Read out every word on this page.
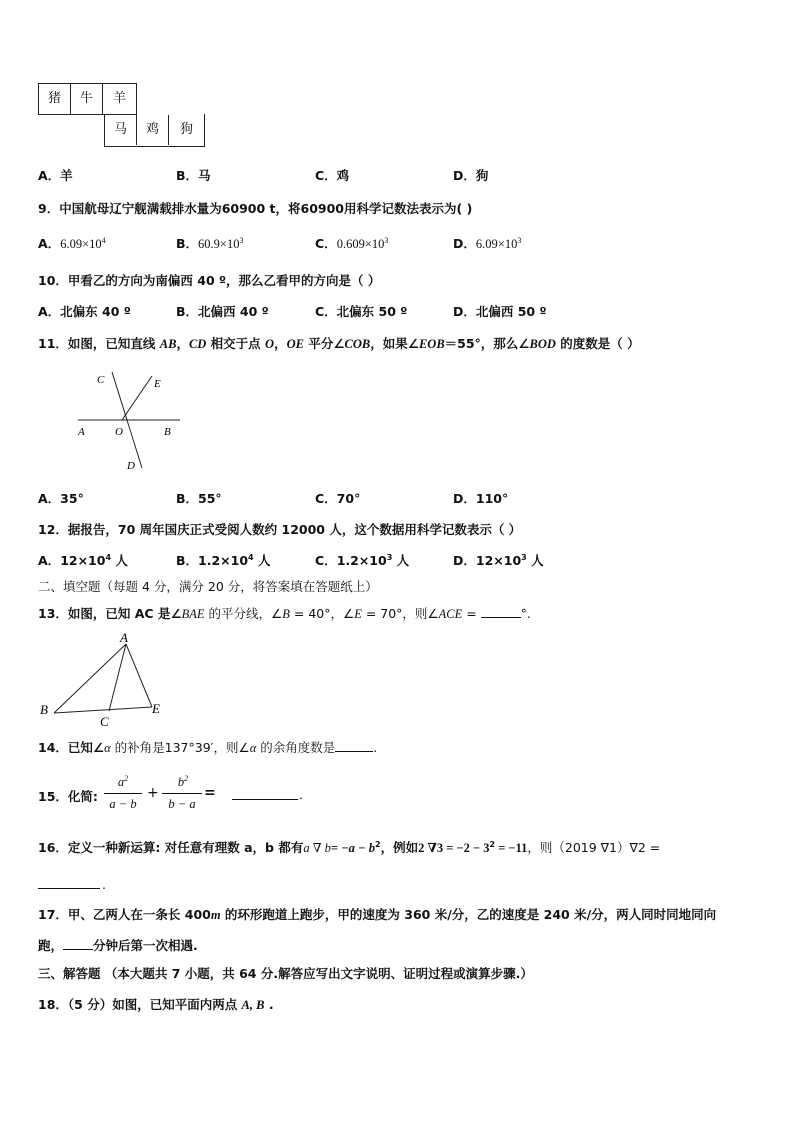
猪	牛	羊
马	鸡	狗
A．羊	B．马	C．鸡	D．狗
9．中国航母辽宁舰满载排水量为60900 t，将60900用科学记数法表示为( )
A．$6.09\times 10^4$	B．$60.9\times 10^3$	C．$0.609\times 10^3$	D．$6.09\times 10^3$
10．甲看乙的方向为南偏西 40 º，那么乙看甲的方向是（ ）
A．北偏东 40 º	B．北偏西 40 º	C．北偏东 50 º	D．北偏西 50 º
11．如图，已知直线 AB，CD 相交于点 O，OE 平分∠COB，如果∠EOB＝55°，那么∠BOD 的度数是（ ）
C	E
A	O	B
D
A．35°	B．55°	C．70°	D．110°
12．据报告，70 周年国庆正式受阅人数约 12000 人，这个数据用科学记数表示（ ）
A．$12\times 10^4$ 人	B．$1.2\times 10^4$ 人	C．$1.2\times 10^3$ 人	D．$12\times 10^3$ 人
二、填空题（每题 4 分，满分 20 分，将答案填在答题纸上）
13．如图，已知 AC 是∠BAE 的平分线，∠B = 40°，∠E = 70°，则∠ACE =	°.
A
B
C
E
14．已知∠α 的补角是137°39′，则∠α 的余角度数是	.
15．化简:
$a^2$
a − b
+
$b^2$
b − a
=	.
16．定义一种新运算: 对任意有理数 a，b 都有a ∇ $b= -a - b^2$，例如2 $\nabla 3 = -2 - 3^2 = -11$，则（2019 ∇1）∇2 =
.
17．甲、乙两人在一条长 400m 的环形跑道上跑步，甲的速度为 360 米/分，乙的速度是 240 米/分，两人同时同地同向
跑， 分钟后第一次相遇.
三、解答题 （本大题共 7 小题，共 64 分.解答应写出文字说明、证明过程或演算步骤.）
18．（5 分）如图，已知平面内两点 A, B .
